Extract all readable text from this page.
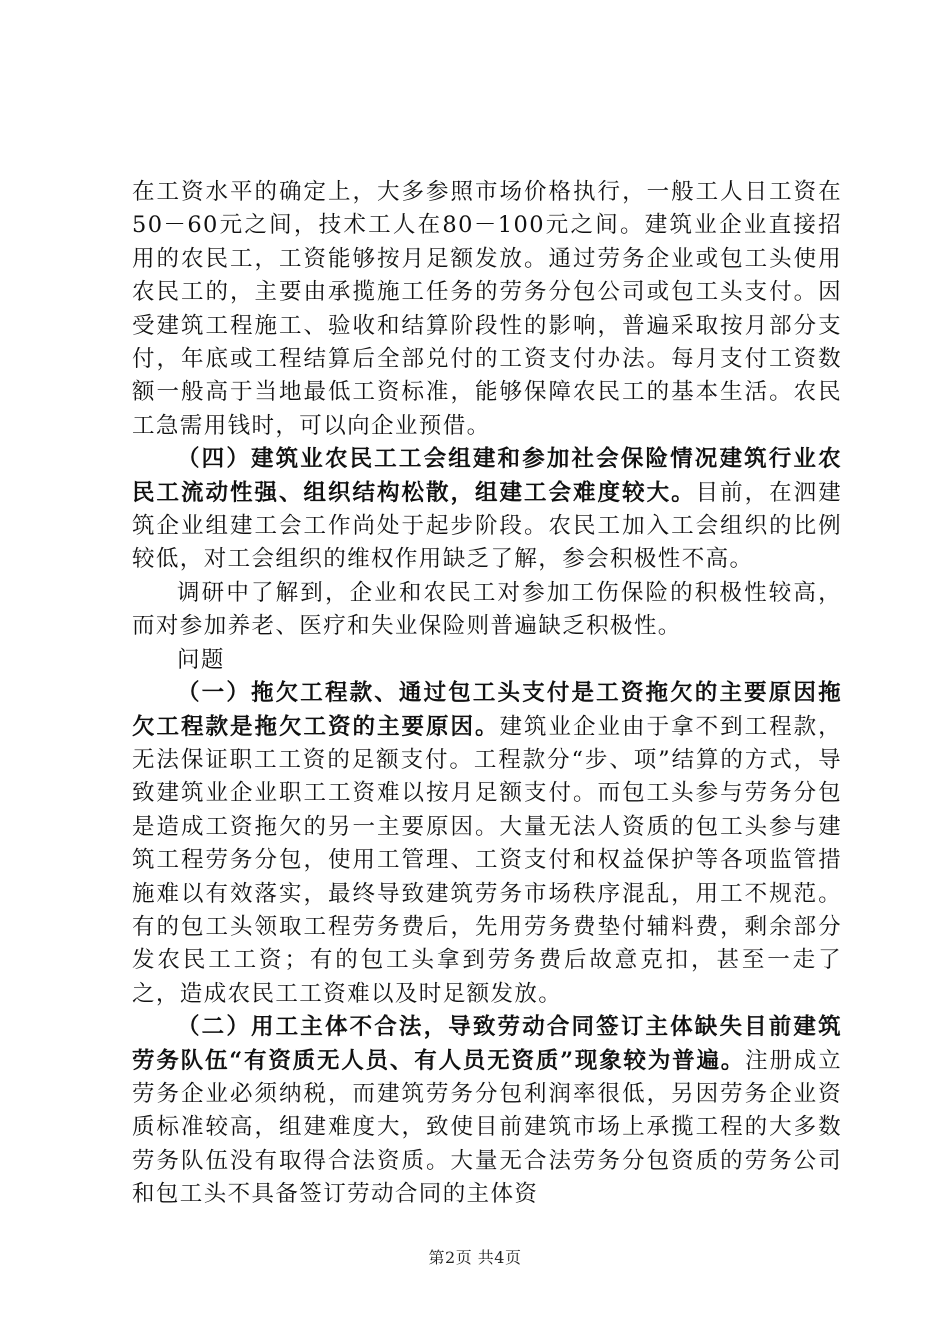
在工资水平的确定上，大多参照市场价格执行，一般工人日工资在50－60元之间，技术工人在80－100元之间。建筑业企业直接招用的农民工，工资能够按月足额发放。通过劳务企业或包工头使用农民工的，主要由承揽施工任务的劳务分包公司或包工头支付。因受建筑工程施工、验收和结算阶段性的影响，普遍采取按月部分支付，年底或工程结算后全部兑付的工资支付办法。每月支付工资数额一般高于当地最低工资标准，能够保障农民工的基本生活。农民工急需用钱时，可以向企业预借。

（四）建筑业农民工工会组建和参加社会保险情况建筑行业农民工流动性强、组织结构松散，组建工会难度较大。目前，在泗建筑企业组建工会工作尚处于起步阶段。农民工加入工会组织的比例较低，对工会组织的维权作用缺乏了解，参会积极性不高。

调研中了解到，企业和农民工对参加工伤保险的积极性较高，而对参加养老、医疗和失业保险则普遍缺乏积极性。

问题

（一）拖欠工程款、通过包工头支付是工资拖欠的主要原因拖欠工程款是拖欠工资的主要原因。建筑业企业由于拿不到工程款，无法保证职工工资的足额支付。工程款分“步、项”结算的方式，导致建筑业企业职工工资难以按月足额支付。而包工头参与劳务分包是造成工资拖欠的另一主要原因。大量无法人资质的包工头参与建筑工程劳务分包，使用工管理、工资支付和权益保护等各项监管措施难以有效落实，最终导致建筑劳务市场秩序混乱，用工不规范。有的包工头领取工程劳务费后，先用劳务费垫付辅料费，剩余部分发农民工工资；有的包工头拿到劳务费后故意克扣，甚至一走了之，造成农民工工资难以及时足额发放。

（二）用工主体不合法，导致劳动合同签订主体缺失目前建筑劳务队伍“有资质无人员、有人员无资质”现象较为普遍。注册成立劳务企业必须纳税，而建筑劳务分包利润率很低，另因劳务企业资质标准较高，组建难度大，致使目前建筑市场上承揽工程的大多数劳务队伍没有取得合法资质。大量无合法劳务分包资质的劳务公司和包工头不具备签订劳动合同的主体资

第2页 共4页
